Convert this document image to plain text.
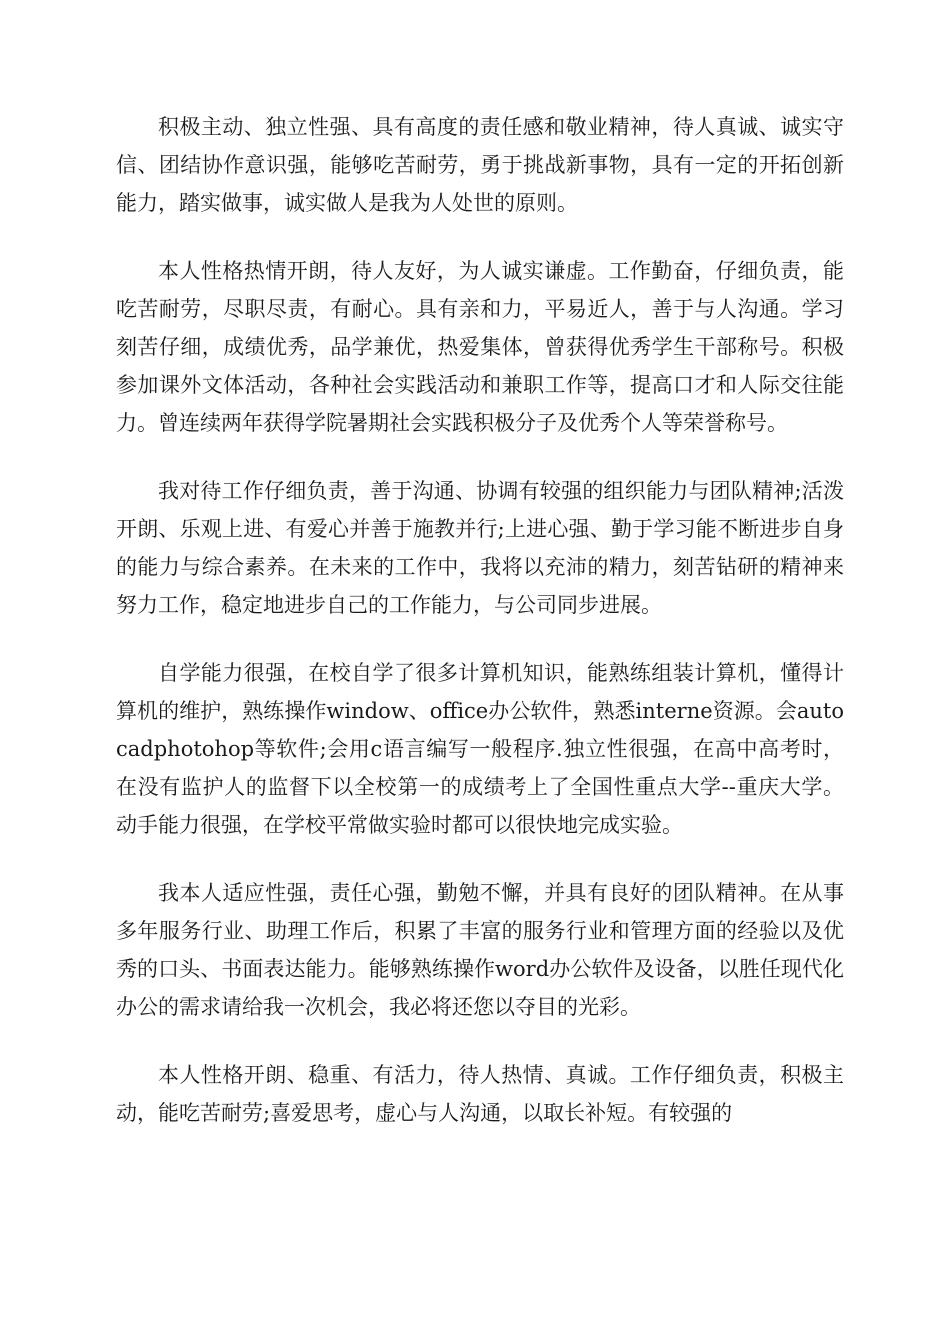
积极主动、独立性强、具有高度的责任感和敬业精神，待人真诚、诚实守信、团结协作意识强，能够吃苦耐劳，勇于挑战新事物，具有一定的开拓创新能力，踏实做事，诚实做人是我为人处世的原则。

本人性格热情开朗，待人友好，为人诚实谦虚。工作勤奋，仔细负责，能吃苦耐劳，尽职尽责，有耐心。具有亲和力，平易近人，善于与人沟通。学习刻苦仔细，成绩优秀，品学兼优，热爱集体，曾获得优秀学生干部称号。积极参加课外文体活动，各种社会实践活动和兼职工作等，提高口才和人际交往能力。曾连续两年获得学院暑期社会实践积极分子及优秀个人等荣誉称号。

我对待工作仔细负责，善于沟通、协调有较强的组织能力与团队精神;活泼开朗、乐观上进、有爱心并善于施教并行;上进心强、勤于学习能不断进步自身的能力与综合素养。在未来的工作中，我将以充沛的精力，刻苦钻研的精神来努力工作，稳定地进步自己的工作能力，与公司同步进展。

自学能力很强，在校自学了很多计算机知识，能熟练组装计算机，懂得计算机的维护，熟练操作window、office办公软件，熟悉interne资源。会autocadphotohop等软件;会用c语言编写一般程序.独立性很强，在高中高考时，在没有监护人的监督下以全校第一的成绩考上了全国性重点大学--重庆大学。动手能力很强，在学校平常做实验时都可以很快地完成实验。

我本人适应性强，责任心强，勤勉不懈，并具有良好的团队精神。在从事多年服务行业、助理工作后，积累了丰富的服务行业和管理方面的经验以及优秀的口头、书面表达能力。能够熟练操作word办公软件及设备，以胜任现代化办公的需求请给我一次机会，我必将还您以夺目的光彩。

本人性格开朗、稳重、有活力，待人热情、真诚。工作仔细负责，积极主动，能吃苦耐劳;喜爱思考，虚心与人沟通，以取长补短。有较强的
